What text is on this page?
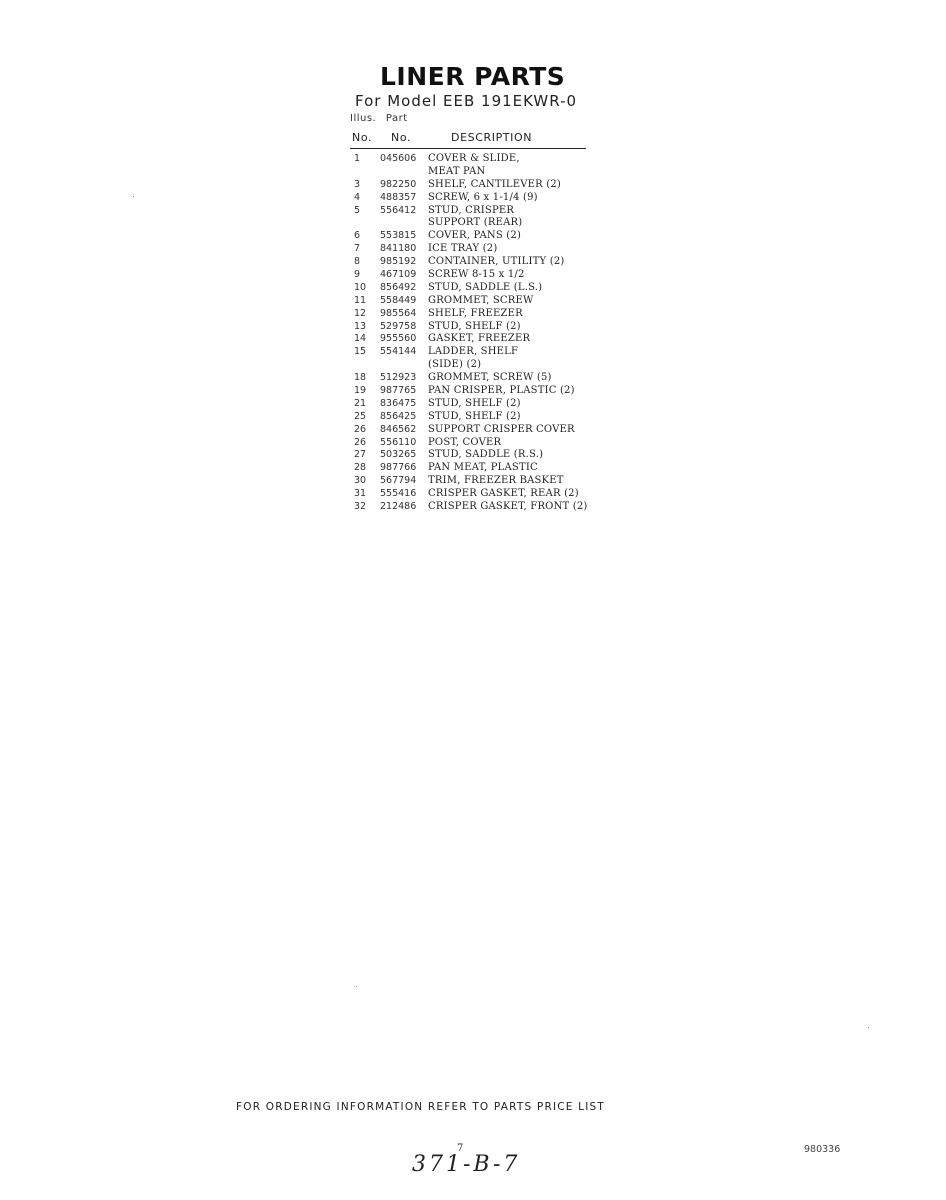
LINER PARTS
For Model EEB 191EKWR-0
Illus. Part
No. No.	DESCRIPTION
1 045606 COVER & SLIDE,
MEAT PAN
3 982250 SHELF, CANTILEVER (2)
4 488357 SCREW, 6 x 1-1/4 (9)
5 556412 STUD, CRISPER
SUPPORT (REAR)
6 553815 COVER, PANS (2)
7 841180 ICE TRAY (2)
8 985192 CONTAINER, UTILITY (2)
9 467109 SCREW 8-15 x 1/2
10 856492 STUD, SADDLE (L.S.)
11 558449 GROMMET, SCREW
12 985564 SHELF, FREEZER
13 529758 STUD, SHELF (2)
14 955560 GASKET, FREEZER
15 554144 LADDER, SHELF
(SIDE) (2)
18 512923 GROMMET, SCREW (5)
19 987765 PAN CRISPER, PLASTIC (2)
21 836475 STUD, SHELF (2)
25 856425 STUD, SHELF (2)
26 846562 SUPPORT CRISPER COVER
26 556110 POST, COVER
27 503265 STUD, SADDLE (R.S.)
28 987766 PAN MEAT, PLASTIC
30 567794 TRIM, FREEZER BASKET
31 555416 CRISPER GASKET, REAR (2)
32 212486 CRISPER GASKET, FRONT (2)
FOR ORDERING INFORMATION REFER TO PARTS PRICE LIST
7
371-B-7
980336
